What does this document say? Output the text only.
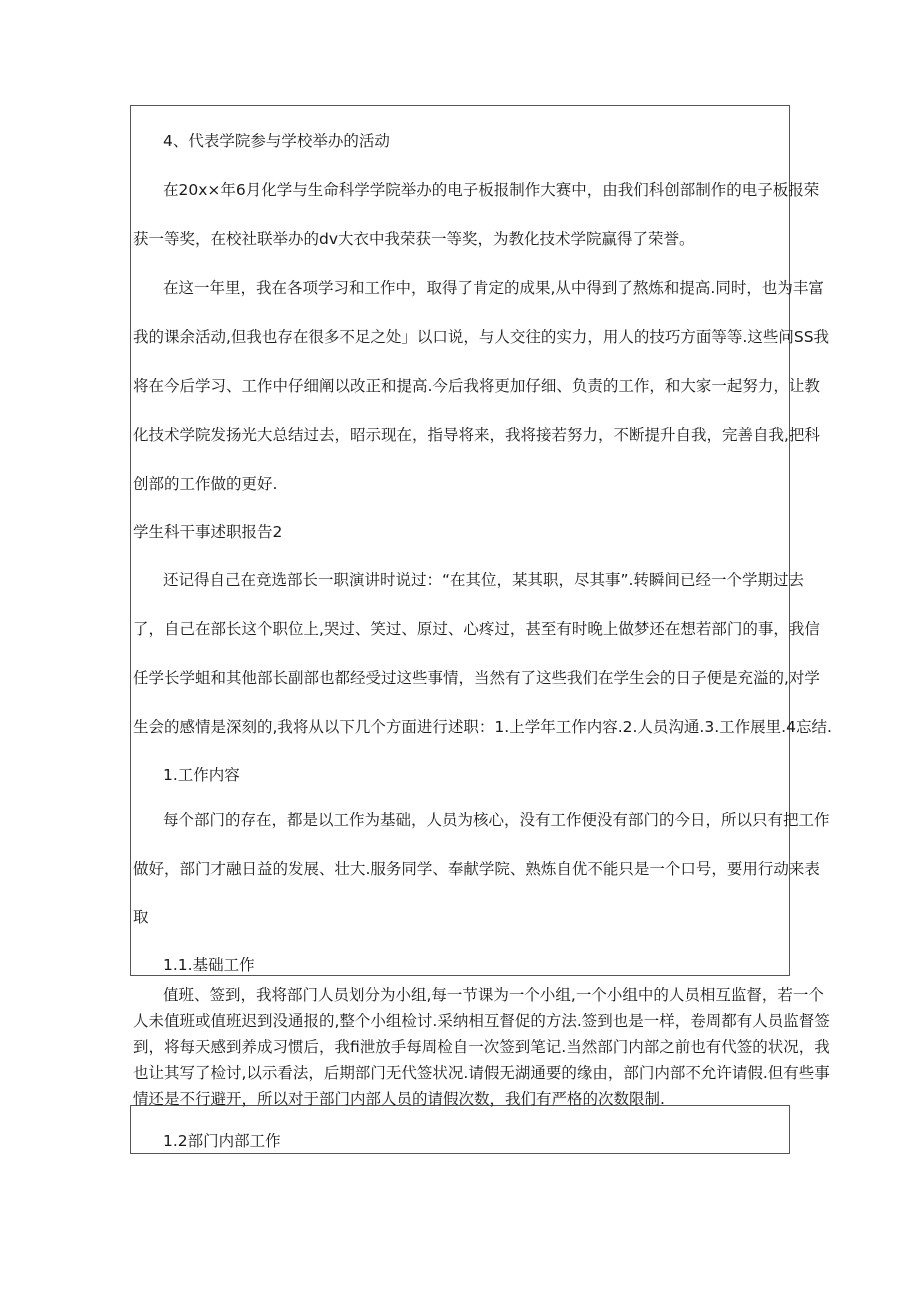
4、代表学院参与学校举办的活动

在20x×年6月化学与生命科学学院举办的电子板报制作大赛中，由我们科创部制作的电子板报荣

获一等奖，在校社联举办的dv大衣中我荣获一等奖，为教化技术学院赢得了荣誉。

在这一年里，我在各项学习和工作中，取得了肯定的成果,从中得到了熬炼和提高.同时，也为丰富

我的课余活动,但我也存在很多不足之处」以口说，与人交往的实力，用人的技巧方面等等.这些问SS我

将在今后学习、工作中仔细阐以改正和提高.今后我将更加仔细、负责的工作，和大家一起努力，让教

化技术学院发扬光大总结过去，昭示现在，指导将来，我将接若努力，不断提升自我，完善自我,把科

创部的工作做的更好.

学生科干事述职报告2

还记得自己在竞选部长一职演讲时说过：“在其位，某其职，尽其事”.转瞬间已经一个学期过去

了，自己在部长这个职位上,哭过、笑过、原过、心疼过，甚至有时晚上做梦还在想若部门的事，我信

任学长学蛆和其他部长副部也都经受过这些事情，当然有了这些我们在学生会的日子便是充溢的,对学

生会的感情是深刻的,我将从以下几个方面进行述职：1.上学年工作内容.2.人员沟通.3.工作展里.4忘结.

1.工作内容

每个部门的存在，都是以工作为基础，人员为核心，没有工作便没有部门的今日，所以只有把工作

做好，部门才融日益的发展、壮大.服务同学、奉献学院、熟炼自优不能只是一个口号，要用行动来表

取

1.1.基础工作

值班、签到，我将部门人员划分为小组,每一节课为一个小组,一个小组中的人员相互监督，若一个

人未值班或值班迟到没通报的,整个小组检讨.采纳相互督促的方法.签到也是一样，卷周都有人员监督签

到，将每天感到养成习惯后，我fi泄放手每周检自一次签到笔记.当然部门内部之前也有代签的状况，我

也让其写了检讨,以示看法，后期部门无代签状况.请假无湖通要的缘由，部门内部不允许请假.但有些事

情还是不行避开，所以对于部门内部人员的请假次数，我们有严格的次数限制.

1.2部门内部工作
